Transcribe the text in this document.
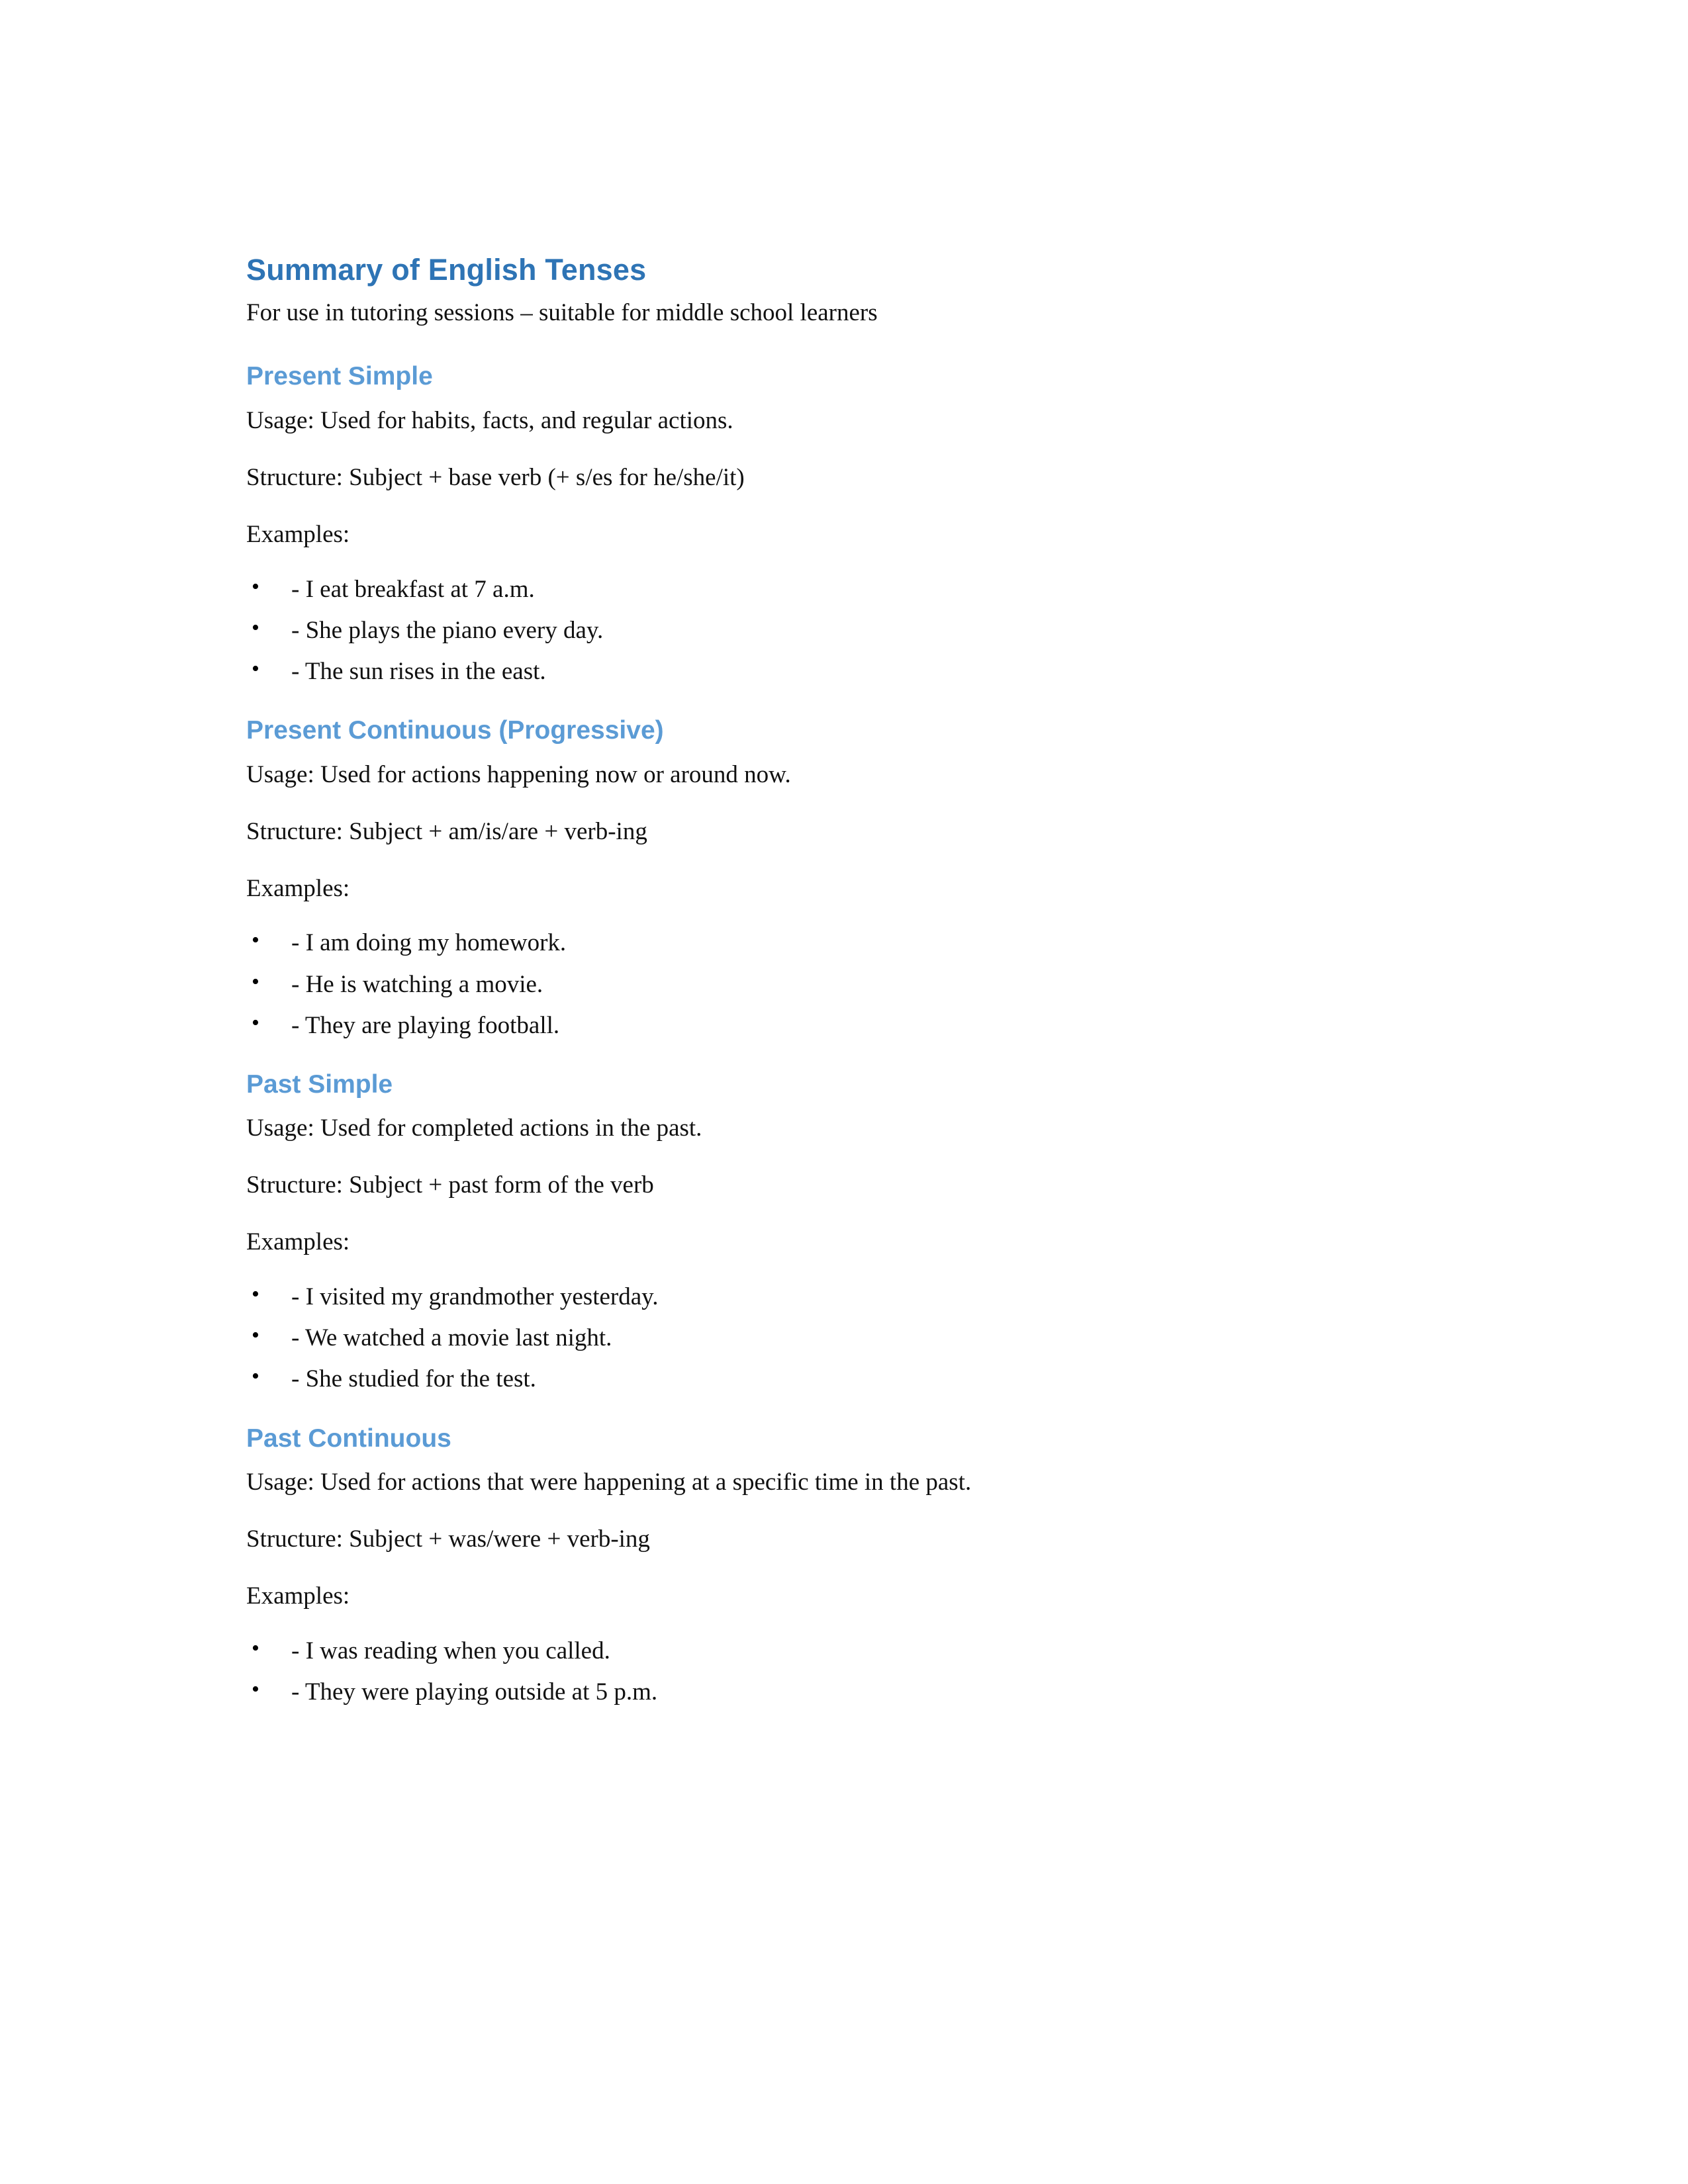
Summary of English Tenses

For use in tutoring sessions – suitable for middle school learners

Present Simple

Usage: Used for habits, facts, and regular actions.

Structure: Subject + base verb (+ s/es for he/she/it)

Examples:

• - I eat breakfast at 7 a.m.
• - She plays the piano every day.
• - The sun rises in the east.
Present Continuous (Progressive)

Usage: Used for actions happening now or around now.

Structure: Subject + am/is/are + verb-ing

Examples:

• - I am doing my homework.
• - He is watching a movie.
• - They are playing football.
Past Simple

Usage: Used for completed actions in the past.

Structure: Subject + past form of the verb

Examples:

• - I visited my grandmother yesterday.
• - We watched a movie last night.
• - She studied for the test.
Past Continuous

Usage: Used for actions that were happening at a specific time in the past.

Structure: Subject + was/were + verb-ing

Examples:

• - I was reading when you called.
• - They were playing outside at 5 p.m.
